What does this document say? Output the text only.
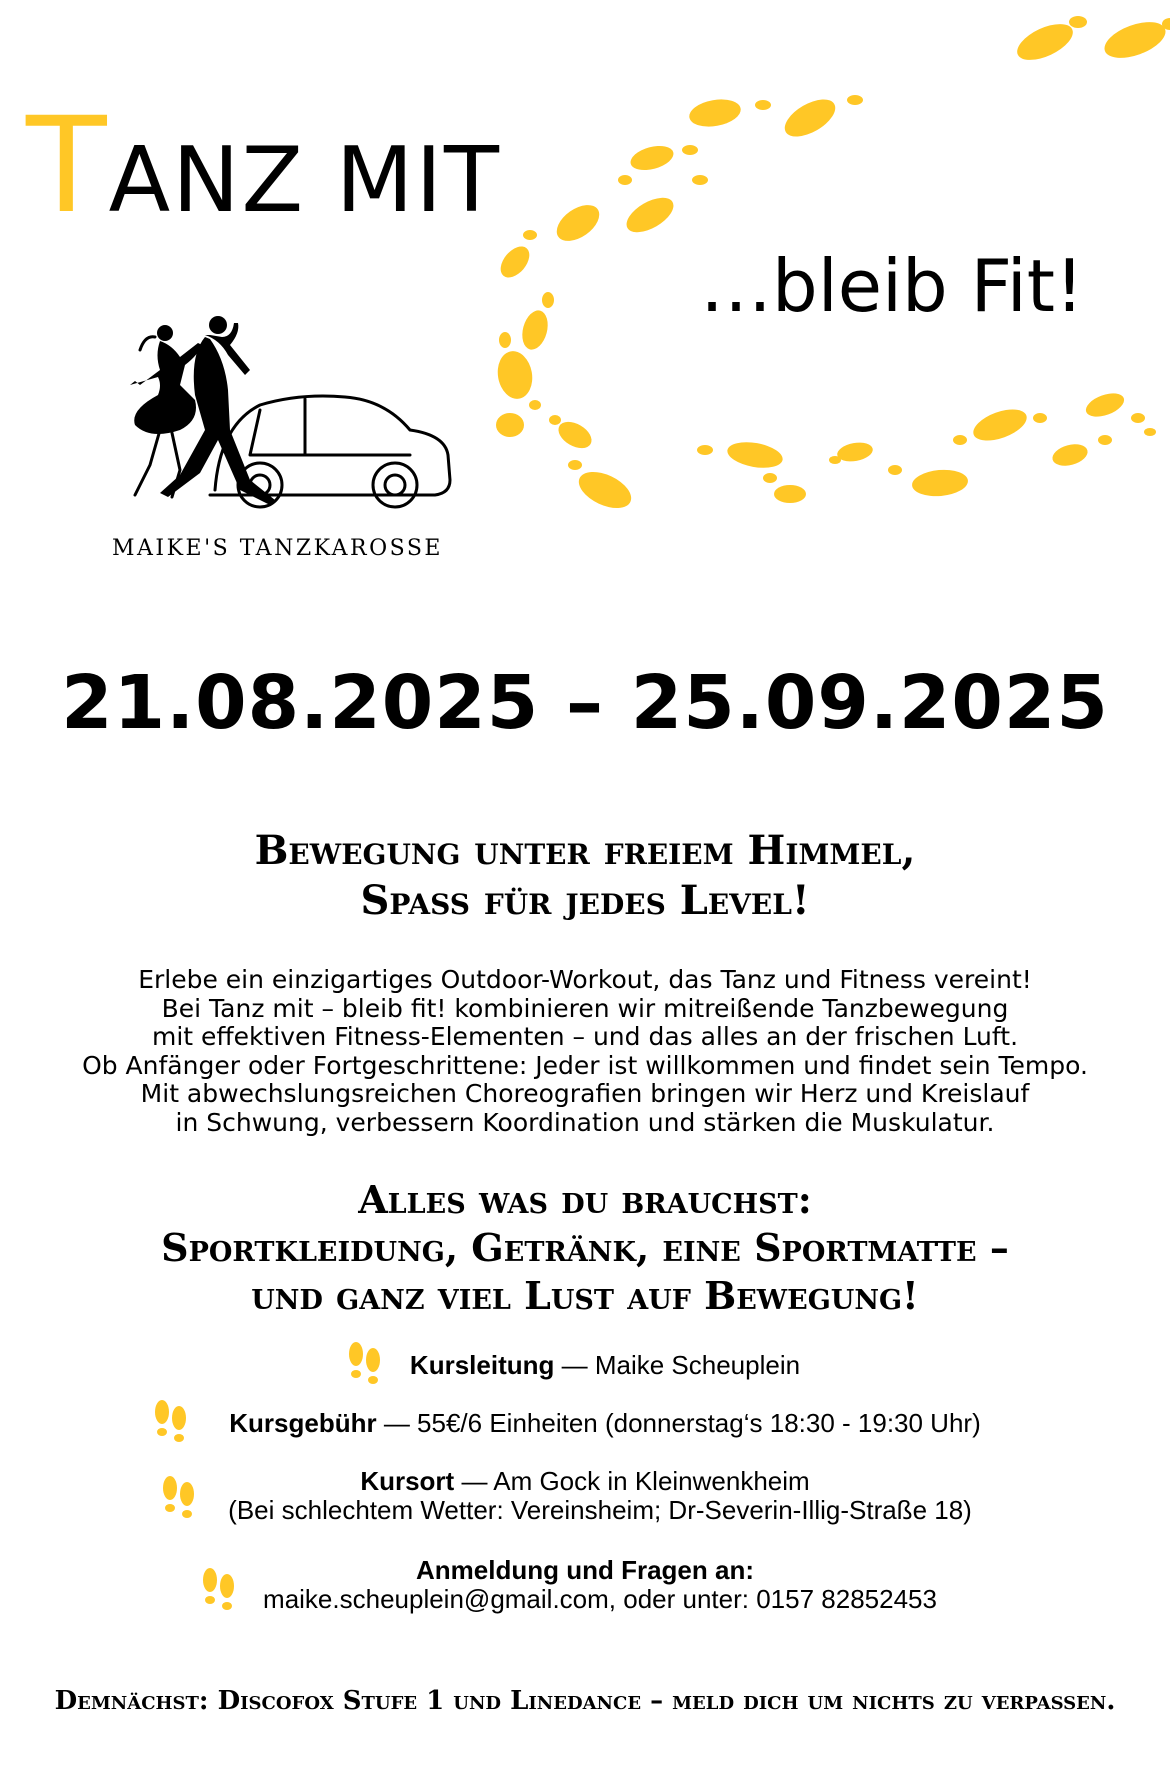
TANZ MIT
…bleib Fit!
MAIKE'S TANZKAROSSE
21.08.2025 – 25.09.2025
Bewegung unter freiem Himmel,
Spass für jedes Level!
Erlebe ein einzigartiges Outdoor-Workout, das Tanz und Fitness vereint!
Bei Tanz mit – bleib fit! kombinieren wir mitreißende Tanzbewegung
mit effektiven Fitness-Elementen – und das alles an der frischen Luft.
Ob Anfänger oder Fortgeschrittene: Jeder ist willkommen und findet sein Tempo.
Mit abwechslungsreichen Choreografien bringen wir Herz und Kreislauf
in Schwung, verbessern Koordination und stärken die Muskulatur.
Alles was du brauchst:
Sportkleidung, Getränk, eine Sportmatte –
und ganz viel Lust auf Bewegung!
Kursleitung — Maike Scheuplein
Kursgebühr — 55€/6 Einheiten (donnerstag‘s 18:30 - 19:30 Uhr)
Kursort — Am Gock in Kleinwenkheim
(Bei schlechtem Wetter: Vereinsheim; Dr-Severin-Illig-Straße 18)
Anmeldung und Fragen an:
maike.scheuplein@gmail.com, oder unter: 0157 82852453
Demnächst: Discofox Stufe 1 und Linedance – meld dich um nichts zu verpassen.
